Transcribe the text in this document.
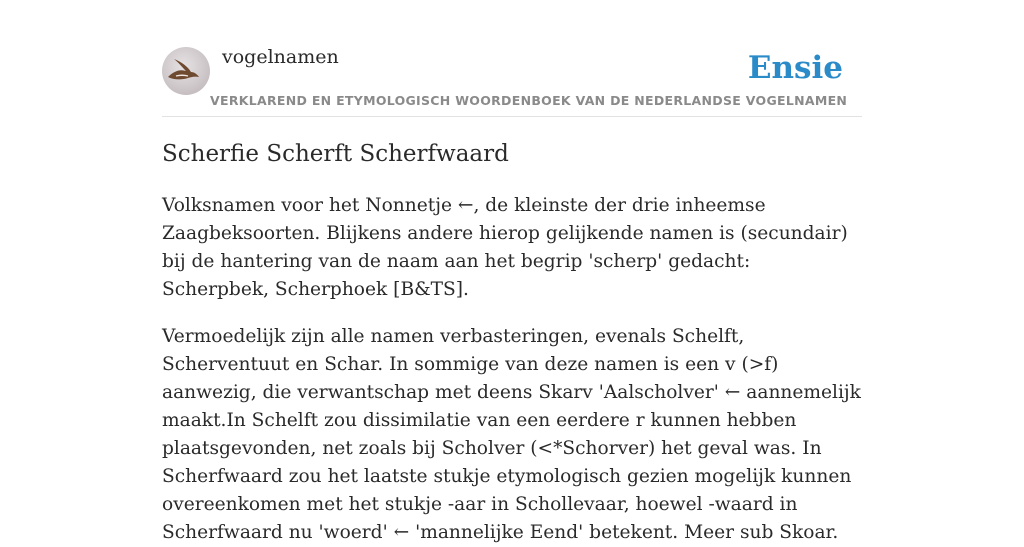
vogelnamen	Ensie
VERKLAREND EN ETYMOLOGISCH WOORDENBOEK VAN DE NEDERLANDSE VOGELNAMEN
Scherfie Scherft Scherfwaard

Volksnamen voor het Nonnetje ←, de kleinste der drie inheemse Zaagbeksoorten. Blijkens andere hierop gelijkende namen is (secundair) bij de hantering van de naam aan het begrip 'scherp' gedacht: Scherpbek, Scherphoek [B&TS].

Vermoedelijk zijn alle namen verbasteringen, evenals Schelft, Scherventuut en Schar. In sommige van deze namen is een v (>f) aanwezig, die verwantschap met deens Skarv 'Aalscholver' ← aannemelijk maakt.In Schelft zou dissimilatie van een eerdere r kunnen hebben plaatsgevonden, net zoals bij Scholver (<*Schorver) het geval was. In Scherfwaard zou het laatste stukje etymologisch gezien mogelijk kunnen overeenkomen met het stukje -aar in Schollevaar, hoewel -waard in Scherfwaard nu 'woerd' ← 'mannelijke Eend' betekent. Meer sub Skoar.
